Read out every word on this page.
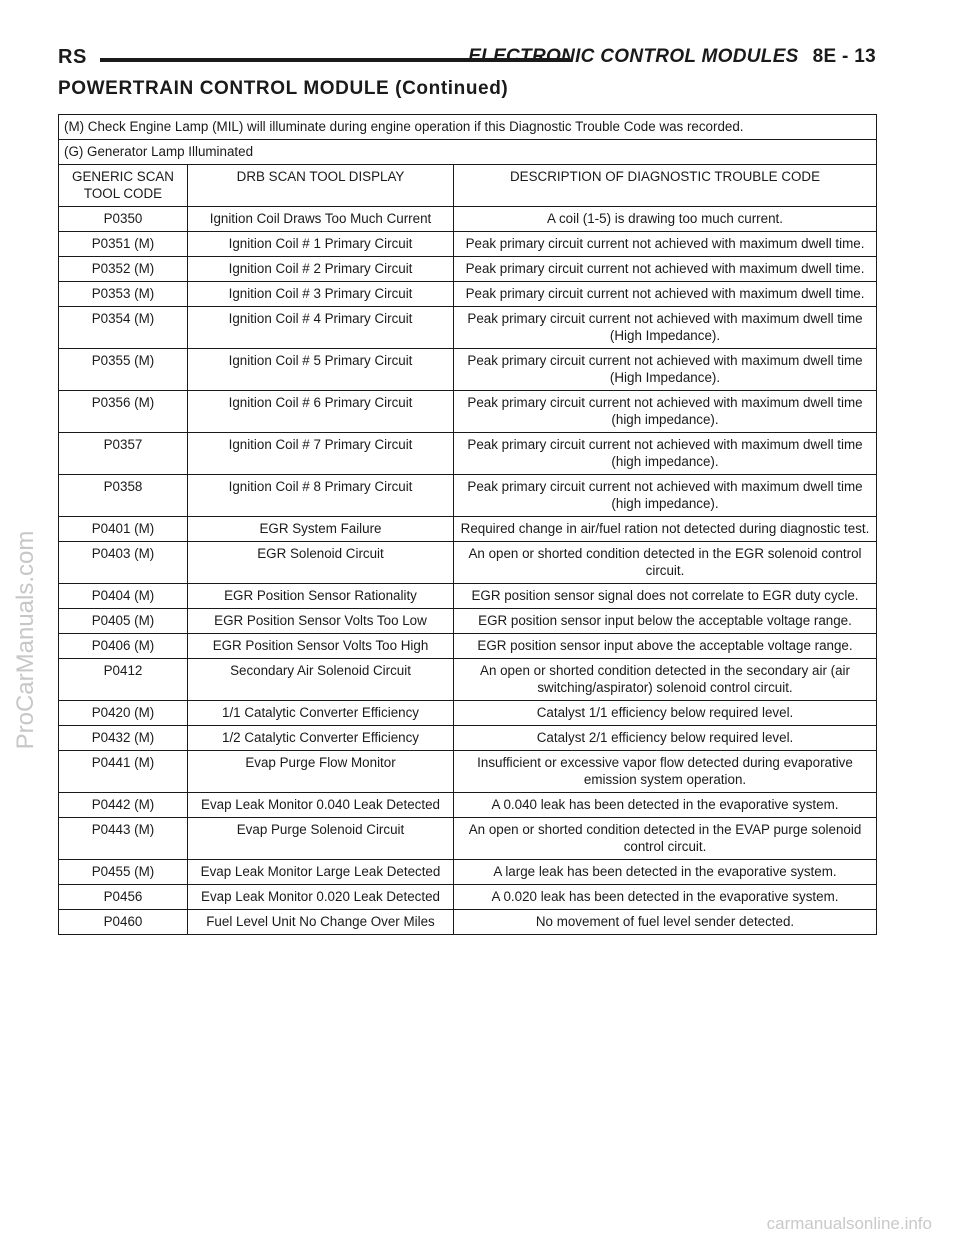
RS	ELECTRONIC CONTROL MODULES 8E - 13
POWERTRAIN CONTROL MODULE (Continued)
(M) Check Engine Lamp (MIL) will illuminate during engine operation if this Diagnostic Trouble Code was recorded.		
(G) Generator Lamp Illuminated		
GENERIC SCAN TOOL CODE	DRB SCAN TOOL DISPLAY	DESCRIPTION OF DIAGNOSTIC TROUBLE CODE
P0350	Ignition Coil Draws Too Much Current	A coil (1-5) is drawing too much current.
P0351 (M)	Ignition Coil # 1 Primary Circuit	Peak primary circuit current not achieved with maximum dwell time.
P0352 (M)	Ignition Coil # 2 Primary Circuit	Peak primary circuit current not achieved with maximum dwell time.
P0353 (M)	Ignition Coil # 3 Primary Circuit	Peak primary circuit current not achieved with maximum dwell time.
P0354 (M)	Ignition Coil # 4 Primary Circuit	Peak primary circuit current not achieved with maximum dwell time (High Impedance).
P0355 (M)	Ignition Coil # 5 Primary Circuit	Peak primary circuit current not achieved with maximum dwell time (High Impedance).
P0356 (M)	Ignition Coil # 6 Primary Circuit	Peak primary circuit current not achieved with maximum dwell time (high impedance).
P0357	Ignition Coil # 7 Primary Circuit	Peak primary circuit current not achieved with maximum dwell time (high impedance).
P0358	Ignition Coil # 8 Primary Circuit	Peak primary circuit current not achieved with maximum dwell time (high impedance).
P0401 (M)	EGR System Failure	Required change in air/fuel ration not detected during diagnostic test.
P0403 (M)	EGR Solenoid Circuit	An open or shorted condition detected in the EGR solenoid control circuit.
P0404 (M)	EGR Position Sensor Rationality	EGR position sensor signal does not correlate to EGR duty cycle.
P0405 (M)	EGR Position Sensor Volts Too Low	EGR position sensor input below the acceptable voltage range.
P0406 (M)	EGR Position Sensor Volts Too High	EGR position sensor input above the acceptable voltage range.
P0412	Secondary Air Solenoid Circuit	An open or shorted condition detected in the secondary air (air switching/aspirator) solenoid control circuit.
P0420 (M)	1/1 Catalytic Converter Efficiency	Catalyst 1/1 efficiency below required level.
P0432 (M)	1/2 Catalytic Converter Efficiency	Catalyst 2/1 efficiency below required level.
P0441 (M)	Evap Purge Flow Monitor	Insufficient or excessive vapor flow detected during evaporative emission system operation.
P0442 (M)	Evap Leak Monitor 0.040 Leak Detected	A 0.040 leak has been detected in the evaporative system.
P0443 (M)	Evap Purge Solenoid Circuit	An open or shorted condition detected in the EVAP purge solenoid control circuit.
P0455 (M)	Evap Leak Monitor Large Leak Detected	A large leak has been detected in the evaporative system.
P0456	Evap Leak Monitor 0.020 Leak Detected	A 0.020 leak has been detected in the evaporative system.
P0460	Fuel Level Unit No Change Over Miles	No movement of fuel level sender detected.
ProCarManuals.com
carmanualsonline.info
